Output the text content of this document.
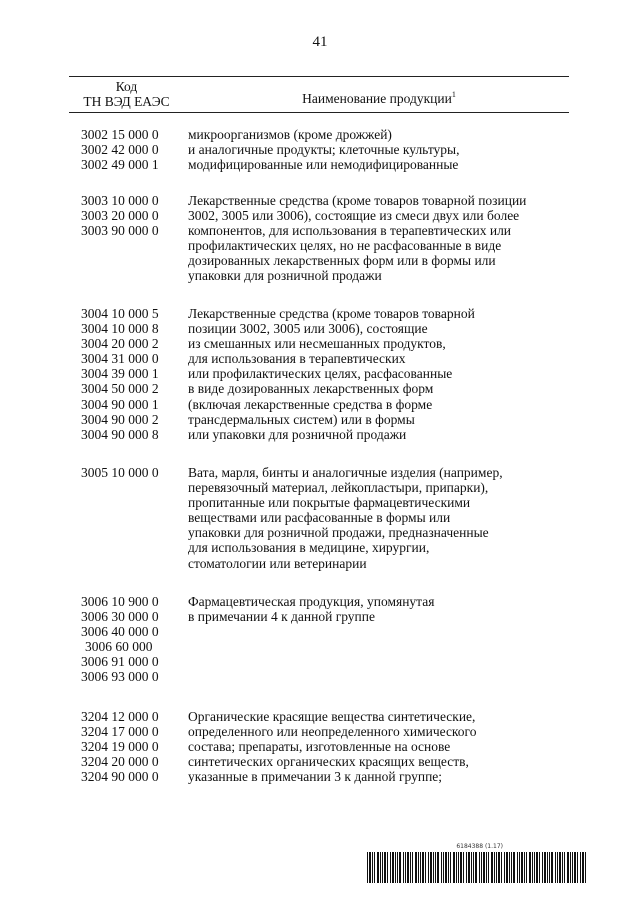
41
Код
ТН ВЭД ЕАЭС	Наименование продукции$^1$
3002 15 000 0
3002 42 000 0
3002 49 000 1
микроорганизмов (кроме дрожжей)
и аналогичные продукты; клеточные культуры,
модифицированные или немодифицированные
3003 10 000 0
3003 20 000 0
3003 90 000 0
Лекарственные средства (кроме товаров товарной позиции
3002, 3005 или 3006), состоящие из смеси двух или более
компонентов, для использования в терапевтических или
профилактических целях, но не расфасованные в виде
дозированных лекарственных форм или в формы или
упаковки для розничной продажи
3004 10 000 5
3004 10 000 8
3004 20 000 2
3004 31 000 0
3004 39 000 1
3004 50 000 2
3004 90 000 1
3004 90 000 2
3004 90 000 8
Лекарственные средства (кроме товаров товарной
позиции 3002, 3005 или 3006), состоящие
из смешанных или несмешанных продуктов,
для использования в терапевтических
или профилактических целях, расфасованные
в виде дозированных лекарственных форм
(включая лекарственные средства в форме
трансдермальных систем) или в формы
или упаковки для розничной продажи
3005 10 000 0	Вата, марля, бинты и аналогичные изделия (например,
перевязочный материал, лейкопластыри, припарки),
пропитанные или покрытые фармацевтическими
веществами или расфасованные в формы или
упаковки для розничной продажи, предназначенные
для использования в медицине, хирургии,
стоматологии или ветеринарии
3006 10 900 0
3006 30 000 0
3006 40 000 0
3006 60 000
3006 91 000 0
3006 93 000 0
Фармацевтическая продукция, упомянутая
в примечании 4 к данной группе
3204 12 000 0
3204 17 000 0
3204 19 000 0
3204 20 000 0
3204 90 000 0
Органические красящие вещества синтетические,
определенного или неопределенного химического
состава; препараты, изготовленные на основе
синтетических органических красящих веществ,
указанные в примечании 3 к данной группе;
6184388 (1.17)
